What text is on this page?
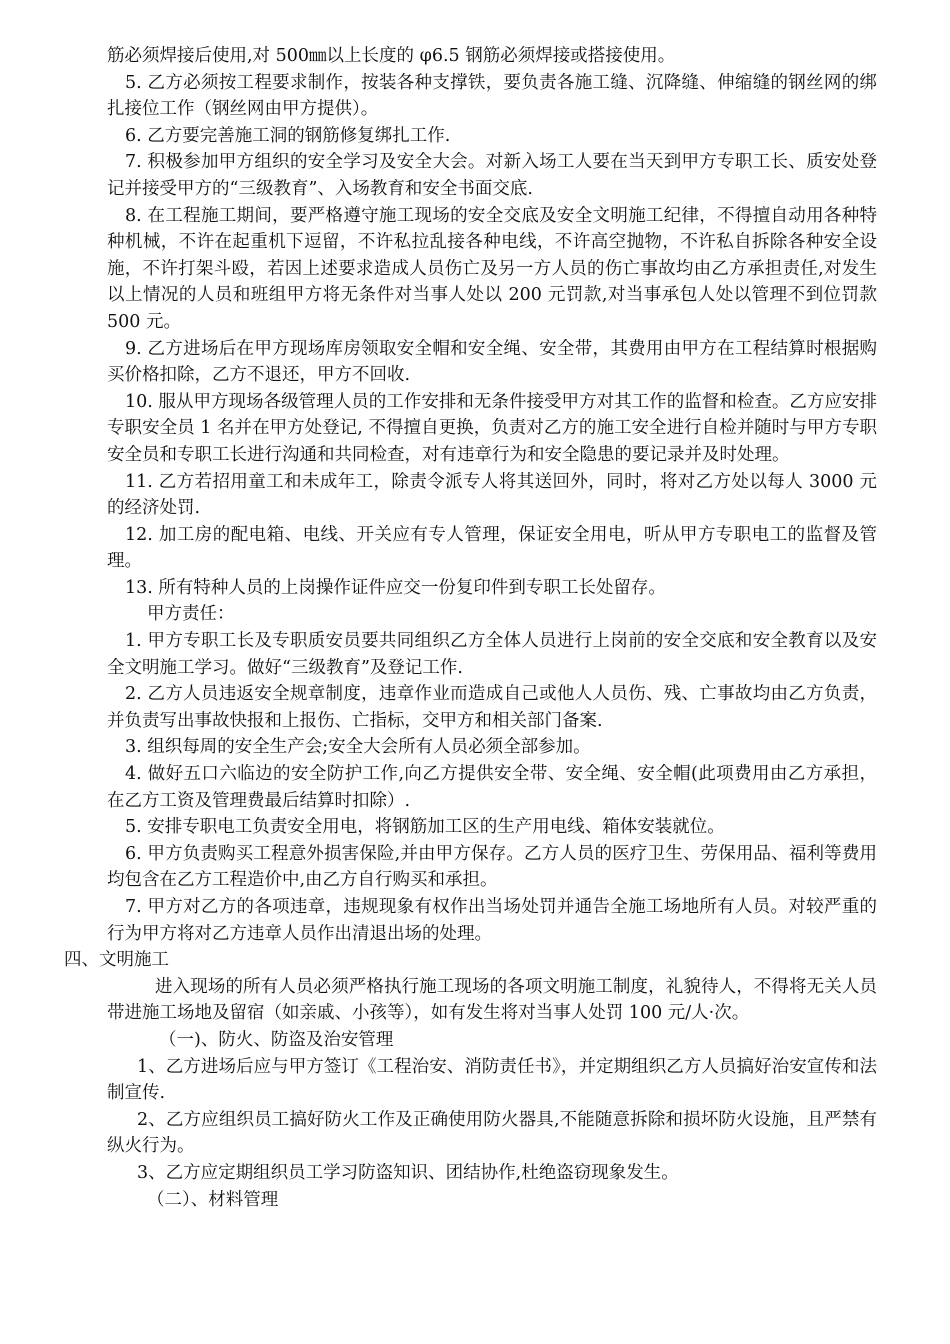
筋必须焊接后使用,对 500㎜以上长度的 φ6.5 钢筋必须焊接或搭接使用。

5. 乙方必须按工程要求制作，按装各种支撑铁，要负责各施工缝、沉降缝、伸缩缝的钢丝网的绑扎接位工作（钢丝网由甲方提供）。

6. 乙方要完善施工洞的钢筋修复绑扎工作.

7. 积极参加甲方组织的安全学习及安全大会。对新入场工人要在当天到甲方专职工长、质安处登记并接受甲方的“三级教育”、入场教育和安全书面交底.

8. 在工程施工期间，要严格遵守施工现场的安全交底及安全文明施工纪律，不得擅自动用各种特种机械，不许在起重机下逗留，不许私拉乱接各种电线，不许高空抛物，不许私自拆除各种安全设施，不许打架斗殴，若因上述要求造成人员伤亡及另一方人员的伤亡事故均由乙方承担责任,对发生以上情况的人员和班组甲方将无条件对当事人处以 200 元罚款,对当事承包人处以管理不到位罚款 500 元。

9. 乙方进场后在甲方现场库房领取安全帽和安全绳、安全带，其费用由甲方在工程结算时根据购买价格扣除，乙方不退还，甲方不回收.

10. 服从甲方现场各级管理人员的工作安排和无条件接受甲方对其工作的监督和检查。乙方应安排专职安全员 1 名并在甲方处登记, 不得擅自更换，负责对乙方的施工安全进行自检并随时与甲方专职安全员和专职工长进行沟通和共同检查，对有违章行为和安全隐患的要记录并及时处理。

11. 乙方若招用童工和未成年工，除责令派专人将其送回外，同时，将对乙方处以每人 3000 元的经济处罚.

12. 加工房的配电箱、电线、开关应有专人管理，保证安全用电，听从甲方专职电工的监督及管理。

13. 所有特种人员的上岗操作证件应交一份复印件到专职工长处留存。

甲方责任：

1. 甲方专职工长及专职质安员要共同组织乙方全体人员进行上岗前的安全交底和安全教育以及安全文明施工学习。做好“三级教育”及登记工作.

2. 乙方人员违返安全规章制度，违章作业而造成自己或他人人员伤、残、亡事故均由乙方负责，并负责写出事故快报和上报伤、亡指标，交甲方和相关部门备案.

3. 组织每周的安全生产会;安全大会所有人员必须全部参加。

4. 做好五口六临边的安全防护工作,向乙方提供安全带、安全绳、安全帽(此项费用由乙方承担，在乙方工资及管理费最后结算时扣除）.

5. 安排专职电工负责安全用电，将钢筋加工区的生产用电线、箱体安装就位。

6. 甲方负责购买工程意外损害保险,并由甲方保存。乙方人员的医疗卫生、劳保用品、福利等费用均包含在乙方工程造价中,由乙方自行购买和承担。

7. 甲方对乙方的各项违章，违规现象有权作出当场处罚并通告全施工场地所有人员。对较严重的行为甲方将对乙方违章人员作出清退出场的处理。

四、文明施工

进入现场的所有人员必须严格执行施工现场的各项文明施工制度，礼貌待人，不得将无关人员带进施工场地及留宿（如亲戚、小孩等），如有发生将对当事人处罚 100 元/人·次。

（一)、防火、防盗及治安管理

1、乙方进场后应与甲方签订《工程治安、消防责任书》，并定期组织乙方人员搞好治安宣传和法制宣传.

2、乙方应组织员工搞好防火工作及正确使用防火器具,不能随意拆除和损坏防火设施，且严禁有纵火行为。

3、乙方应定期组织员工学习防盗知识、团结协作,杜绝盗窃现象发生。

（二）、材料管理
